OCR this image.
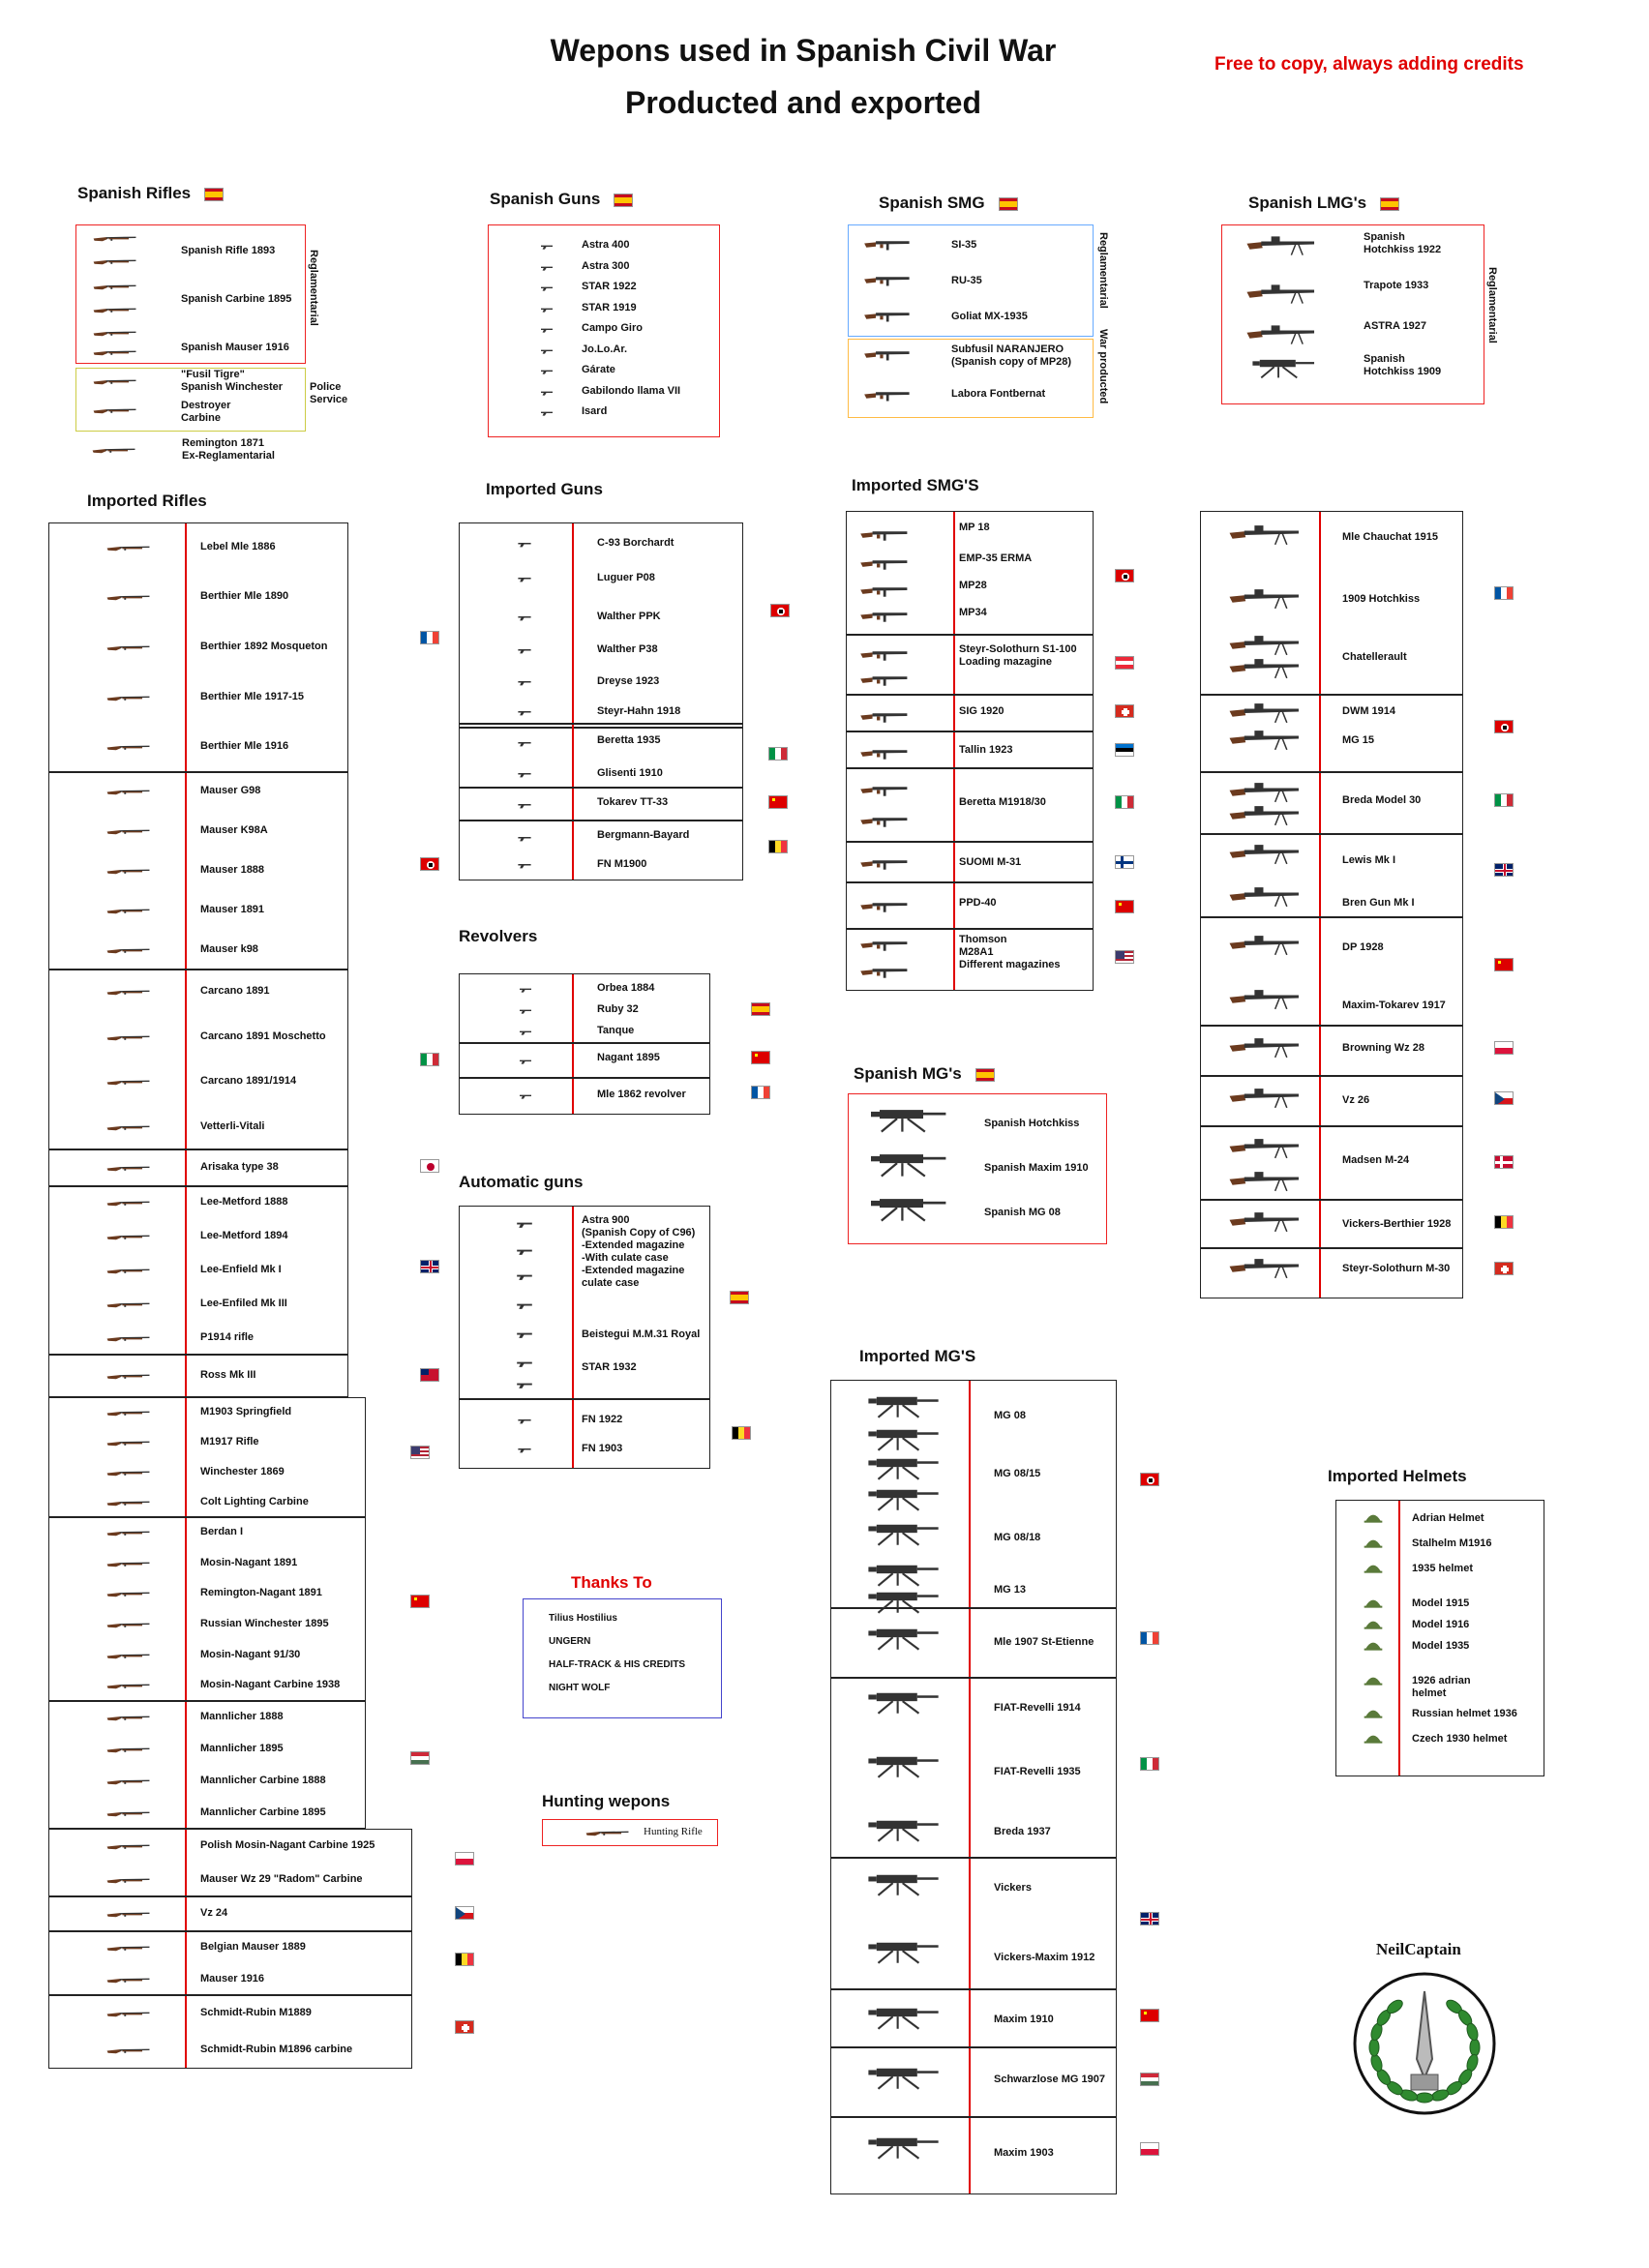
Wepons used in Spanish Civil War
Producted and exported
Free to copy, always adding credits
Spanish Rifles
Spanish Rifle 1893
Spanish Carbine 1895
Spanish Mauser 1916
Reglamentarial
"Fusil Tigre"
Spanish Winchester
Destroyer
Carbine
Police
Service
Remington 1871
Ex-Reglamentarial
Spanish Guns
Astra 400
Astra 300
STAR 1922
STAR 1919
Campo Giro
Jo.Lo.Ar.
Gárate
Gabilondo llama VII
Isard
Spanish SMG
SI-35
RU-35
Goliat MX-1935
Subfusil NARANJERO
(Spanish copy of MP28)
Labora Fontbernat
Reglamentarial
War producted
Spanish LMG's
Spanish
Hotchkiss 1922
Trapote 1933
ASTRA 1927
Spanish
Hotchkiss 1909
Reglamentarial
Imported Rifles
Lebel Mle 1886
Berthier Mle 1890
Berthier 1892 Mosqueton
Berthier Mle 1917-15
Berthier Mle 1916
Mauser G98
Mauser K98A
Mauser 1888
Mauser 1891
Mauser k98
Carcano 1891
Carcano 1891 Moschetto
Carcano 1891/1914
Vetterli-Vitali
Arisaka type 38
Lee-Metford 1888
Lee-Metford 1894
Lee-Enfield Mk I
Lee-Enfiled Mk III
P1914 rifle
Ross Mk III
M1903 Springfield
M1917 Rifle
Winchester 1869
Colt Lighting Carbine
Berdan I
Mosin-Nagant 1891
Remington-Nagant 1891
Russian Winchester 1895
Mosin-Nagant 91/30
Mosin-Nagant Carbine 1938
Mannlicher 1888
Mannlicher 1895
Mannlicher Carbine 1888
Mannlicher Carbine 1895
Polish Mosin-Nagant Carbine 1925
Mauser Wz 29 "Radom" Carbine
Vz 24
Belgian Mauser 1889
Mauser 1916
Schmidt-Rubin M1889
Schmidt-Rubin M1896 carbine
Imported Guns
C-93 Borchardt
Luguer P08
Walther PPK
Walther P38
Dreyse 1923
Steyr-Hahn 1918
Beretta 1935
Glisenti 1910
Tokarev TT-33
Bergmann-Bayard
FN M1900
Revolvers
Orbea 1884
Ruby 32
Tanque
Nagant 1895
Mle 1862 revolver
Automatic guns
Astra 900
(Spanish Copy of C96)
-Extended magazine
-With culate case
-Extended magazine
culate case
Beistegui M.M.31 Royal
STAR 1932
FN 1922
FN 1903
Thanks To
Tilius Hostilius
UNGERN
HALF-TRACK & HIS CREDITS
NIGHT WOLF
Hunting wepons
Hunting Rifle
Imported SMG'S
MP 18
EMP-35 ERMA
MP28
MP34
Steyr-Solothurn S1-100
Loading mazagine
SIG 1920
Tallin 1923
Beretta M1918/30
SUOMI M-31
PPD-40
Thomson
M28A1
Different magazines
Spanish MG's
Spanish Hotchkiss
Spanish Maxim 1910
Spanish MG 08
Imported MG'S
MG 08
MG 08/15
MG 08/18
MG 13
Mle 1907 St-Etienne
FIAT-Revelli 1914
FIAT-Revelli 1935
Breda 1937
Vickers
Vickers-Maxim 1912
Maxim 1910
Schwarzlose MG 1907
Maxim 1903
Mle Chauchat 1915
1909 Hotchkiss
Chatellerault
DWM 1914
MG 15
Breda Model 30
Lewis Mk I
Bren Gun Mk I
DP 1928
Maxim-Tokarev 1917
Browning Wz 28
Vz 26
Madsen M-24
Vickers-Berthier 1928
Steyr-Solothurn M-30
Imported Helmets
Adrian Helmet
Stalhelm M1916
1935 helmet
Model 1915
Model 1916
Model 1935
1926 adrian
helmet
Russian helmet 1936
Czech 1930 helmet
NeilCaptain
